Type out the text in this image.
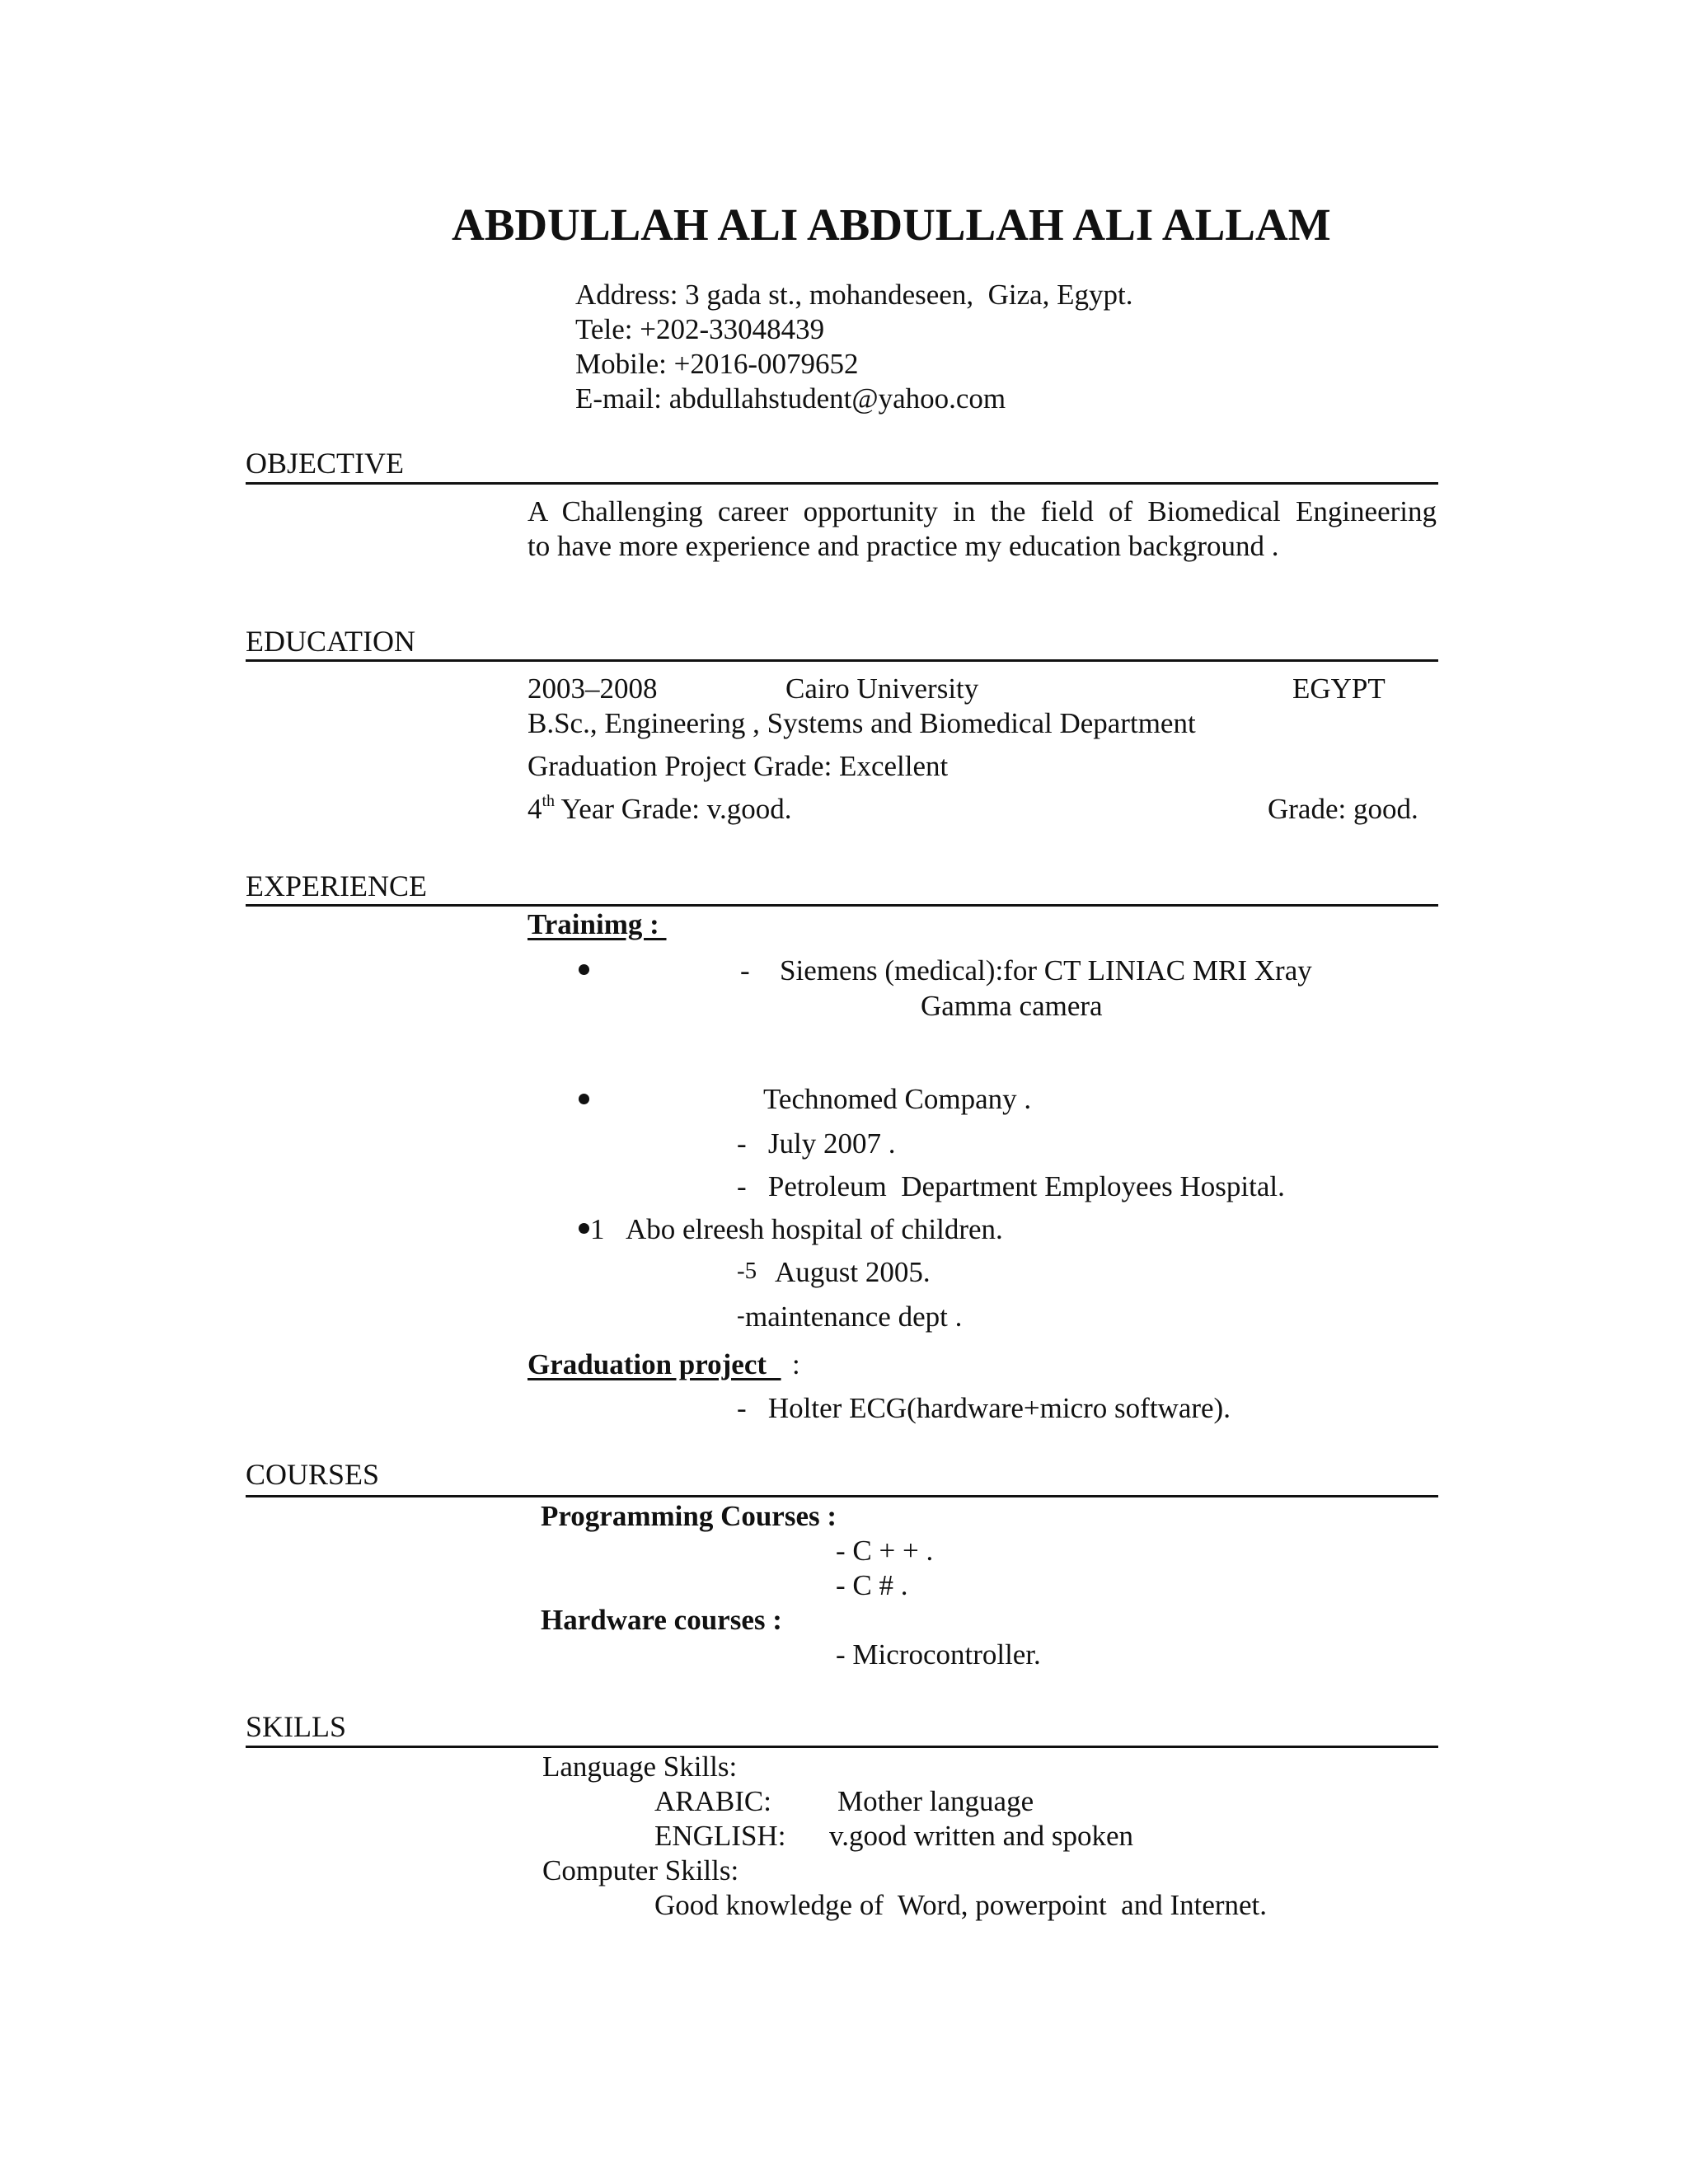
ABDULLAH ALI ABDULLAH ALI ALLAM
Address: 3 gada st., mohandeseen,  Giza, Egypt.
Tele: +202-33048439
Mobile: +2016-0079652
E-mail: abdullahstudent@yahoo.com
OBJECTIVE
A Challenging career opportunity in the field of Biomedical Engineering
to have more experience and practice my education background .
EDUCATION
2003–2008	Cairo University	EGYPT
B.Sc., Engineering , Systems and Biomedical Department
Graduation Project Grade: Excellent
4th Year Grade: v.good.	Grade: good.
EXPERIENCE
Trainimg :
- Siemens (medical):for CT LINIAC MRI Xray
Gamma camera
Technomed Company .
-   July 2007 .
-   Petroleum  Department Employees Hospital.
1 Abo elreesh hospital of children.
-5 August 2005.
- maintenance dept .
Graduation project :
-   Holter ECG(hardware+micro software).
COURSES
Programming Courses :
- C + + .
- C # .
Hardware courses :
- Microcontroller.
SKILLS
Language Skills:
ARABIC: Mother language
ENGLISH: v.good written and spoken
Computer Skills:
Good knowledge of  Word, powerpoint  and Internet.
